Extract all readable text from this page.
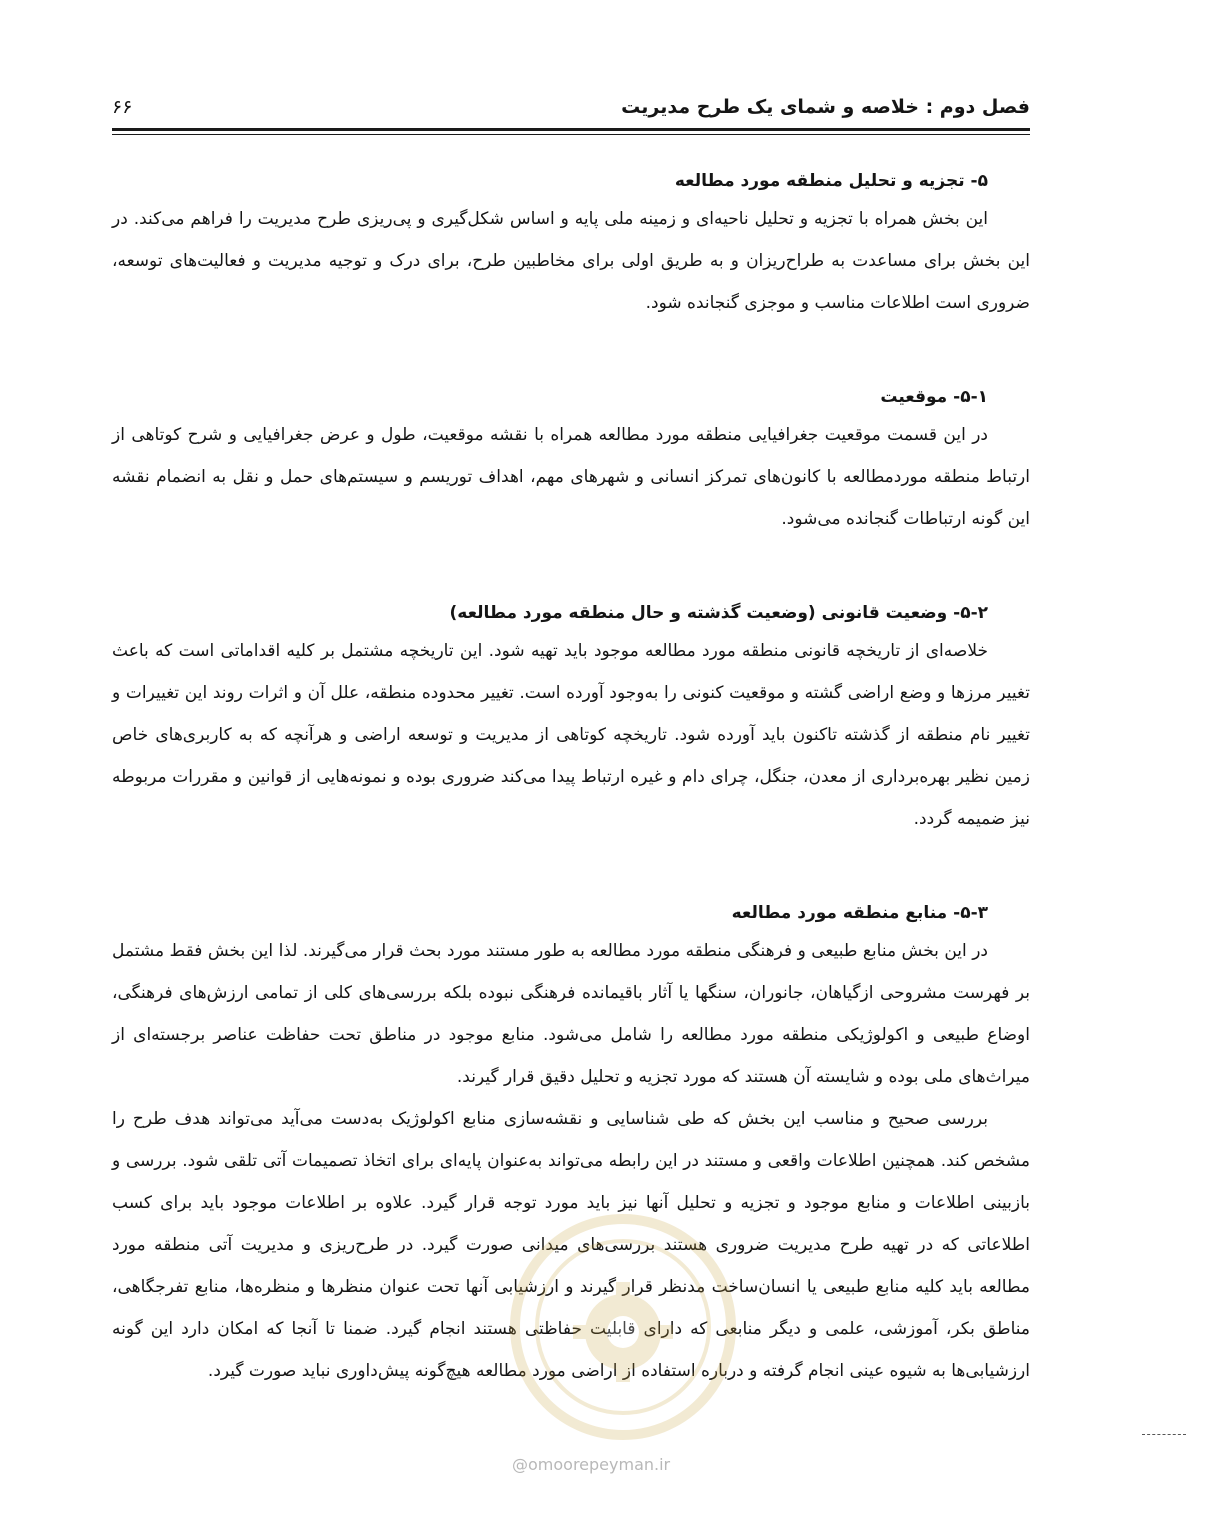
فصل دوم : خلاصه و شمای یک طرح مدیریت
۶۶
۵- تجزیه و تحلیل منطقه مورد مطالعه

این بخش همراه با تجزیه و تحلیل ناحیه‌ای و زمینه ملی پایه و اساس شکل‌گیری و پی‌ریزی طرح مدیریت را فراهم می‌کند. در این بخش برای مساعدت به طراح‌ریزان و به طریق اولی برای مخاطبین طرح، برای درک و توجیه مدیریت و فعالیت‌های توسعه، ضروری است اطلاعات مناسب و موجزی گنجانده شود.

۵-۱- موقعیت

در این قسمت موقعیت جغرافیایی منطقه مورد مطالعه همراه با نقشه موقعیت، طول و عرض جغرافیایی و شرح کوتاهی از ارتباط منطقه موردمطالعه با کانون‌های تمرکز انسانی و شهرهای مهم، اهداف توریسم و سیستم‌های حمل و نقل به انضمام نقشه این گونه ارتباطات گنجانده می‌شود.

۵-۲- وضعیت قانونی (وضعیت گذشته و حال منطقه مورد مطالعه)

خلاصه‌ای از تاریخچه قانونی منطقه مورد مطالعه موجود باید تهیه شود. این تاریخچه مشتمل بر کلیه اقداماتی است که باعث تغییر مرزها و وضع اراضی گشته و موقعیت کنونی را به‌وجود آورده است. تغییر محدوده منطقه، علل آن و اثرات روند این تغییرات و تغییر نام منطقه از گذشته تاکنون باید آورده شود. تاریخچه کوتاهی از مدیریت و توسعه اراضی و هرآنچه که به کاربری‌های خاص زمین نظیر بهره‌برداری از معدن، جنگل، چرای دام و غیره ارتباط پیدا می‌کند ضروری بوده و نمونه‌هایی از قوانین و مقررات مربوطه نیز ضمیمه گردد.

۵-۳- منابع منطقه مورد مطالعه

در این بخش منابع طبیعی و فرهنگی منطقه مورد مطالعه به طور مستند مورد بحث قرار می‌گیرند. لذا این بخش فقط مشتمل بر فهرست مشروحی ازگیاهان، جانوران، سنگها یا آثار باقیمانده فرهنگی نبوده بلکه بررسی‌های کلی از تمامی ارزش‌های فرهنگی، اوضاع طبیعی و اکولوژیکی منطقه مورد مطالعه را شامل می‌شود. منابع موجود در مناطق تحت حفاظت عناصر برجسته‌ای از میراث‌های ملی بوده و شایسته آن هستند که مورد تجزیه و تحلیل دقیق قرار گیرند.

بررسی صحیح و مناسب این بخش که طی شناسایی و نقشه‌سازی منابع اکولوژیک به‌دست می‌آید می‌تواند هدف طرح را مشخص کند. همچنین اطلاعات واقعی و مستند در این رابطه می‌تواند به‌عنوان پایه‌ای برای اتخاذ تصمیمات آتی تلقی شود. بررسی و بازبینی اطلاعات و منابع موجود و تجزیه و تحلیل آنها نیز باید مورد توجه قرار گیرد. علاوه بر اطلاعات موجود باید برای کسب اطلاعاتی که در تهیه طرح مدیریت ضروری هستند بررسی‌های میدانی صورت گیرد. در طرح‌ریزی و مدیریت آتی منطقه مورد مطالعه باید کلیه منابع طبیعی یا انسان‌ساخت مدنظر قرار گیرند و ارزشیابی آنها تحت عنوان منظرها و منظره‌ها، منابع تفرجگاهی، مناطق بکر، آموزشی، علمی و دیگر منابعی که دارای قابلیت حفاظتی هستند انجام گیرد. ضمنا تا آنجا که امکان دارد این گونه ارزشیابی‌ها به شیوه عینی انجام گرفته و درباره استفاده از اراضی مورد مطالعه هیچ‌گونه پیش‌داوری نباید صورت گیرد.

@omoorepeyman.ir
